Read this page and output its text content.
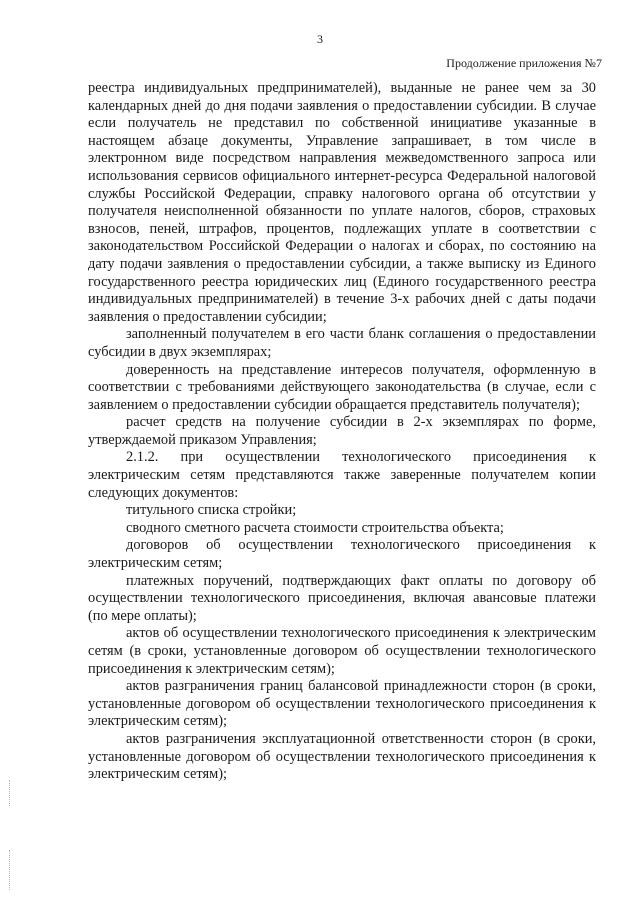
3
Продолжение приложения №7

реестра индивидуальных предпринимателей), выданные не ранее чем за 30 календарных дней до дня подачи заявления о предоставлении субсидии. В случае если получатель не представил по собственной инициативе указанные в настоящем абзаце документы, Управление запрашивает, в том числе в электронном виде посредством направления межведомственного запроса или использования сервисов официального интернет-ресурса Федеральной налоговой службы Российской Федерации, справку налогового органа об отсутствии у получателя неисполненной обязанности по уплате налогов, сборов, страховых взносов, пеней, штрафов, процентов, подлежащих уплате в соответствии с законодательством Российской Федерации о налогах и сборах, по состоянию на дату подачи заявления о предоставлении субсидии, а также выписку из Единого государственного реестра юридических лиц (Единого государственного реестра индивидуальных предпринимателей) в течение 3-х рабочих дней с даты подачи заявления о предоставлении субсидии;

заполненный получателем в его части бланк соглашения о предоставлении субсидии в двух экземплярах;

доверенность на представление интересов получателя, оформленную в соответствии с требованиями действующего законодательства (в случае, если с заявлением о предоставлении субсидии обращается представитель получателя);

расчет средств на получение субсидии в 2-х экземплярах по форме, утверждаемой приказом Управления;

2.1.2. при осуществлении технологического присоединения к электрическим сетям представляются также заверенные получателем копии следующих документов:

титульного списка стройки;

сводного сметного расчета стоимости строительства объекта;

договоров об осуществлении технологического присоединения к электрическим сетям;

платежных поручений, подтверждающих факт оплаты по договору об осуществлении технологического присоединения, включая авансовые платежи (по мере оплаты);

актов об осуществлении технологического присоединения к электрическим сетям (в сроки, установленные договором об осуществлении технологического присоединения к электрическим сетям);

актов разграничения границ балансовой принадлежности сторон (в сроки, установленные договором об осуществлении технологического присоединения к электрическим сетям);

актов разграничения эксплуатационной ответственности сторон (в сроки, установленные договором об осуществлении технологического присоединения к электрическим сетям);
